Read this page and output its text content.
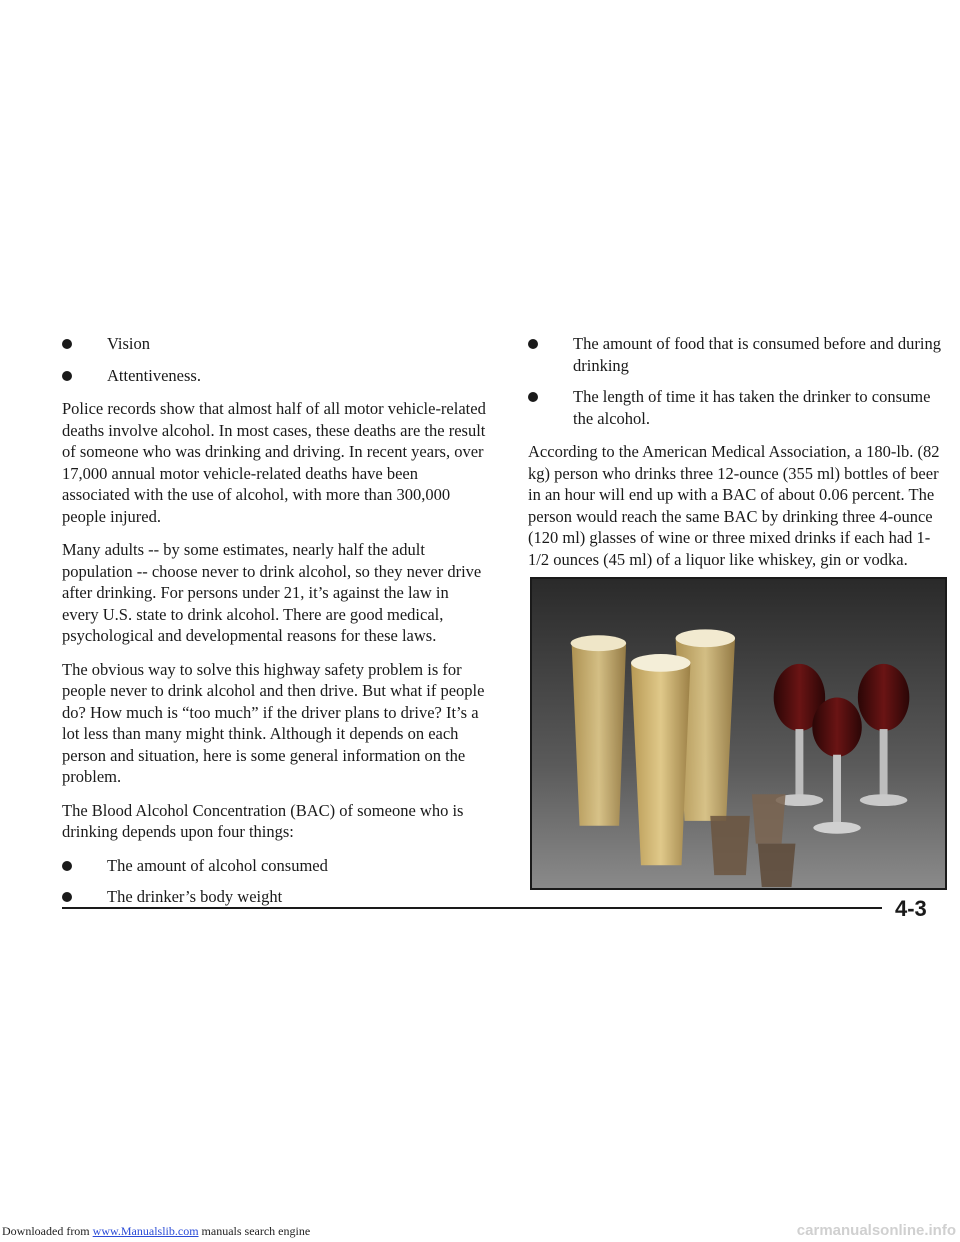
Vision
Attentiveness.

Police records show that almost half of all motor vehicle-related deaths involve alcohol. In most cases, these deaths are the result of someone who was drinking and driving. In recent years, over 17,000 annual motor vehicle-related deaths have been associated with the use of alcohol, with more than 300,000 people injured.

Many adults -- by some estimates, nearly half the adult population -- choose never to drink alcohol, so they never drive after drinking. For persons under 21, it’s against the law in every U.S. state to drink alcohol. There are good medical, psychological and developmental reasons for these laws.

The obvious way to solve this highway safety problem is for people never to drink alcohol and then drive. But what if people do? How much is “too much” if the driver plans to drive? It’s a lot less than many might think. Although it depends on each person and situation, here is some general information on the problem.

The Blood Alcohol Concentration (BAC) of someone who is drinking depends upon four things:

The amount of alcohol consumed
The drinker’s body weight
The amount of food that is consumed before and during drinking
The length of time it has taken the drinker to consume the alcohol.

According to the American Medical Association, a 180-lb. (82 kg) person who drinks three 12-ounce (355 ml) bottles of beer in an hour will end up with a BAC of about 0.06 percent. The person would reach the same BAC by drinking three 4-ounce (120 ml) glasses of wine or three mixed drinks if each had 1-1/2 ounces (45 ml) of a liquor like whiskey, gin or vodka.

4-3
Downloaded from www.Manualslib.com manuals search engine	carmanualsonline.info
